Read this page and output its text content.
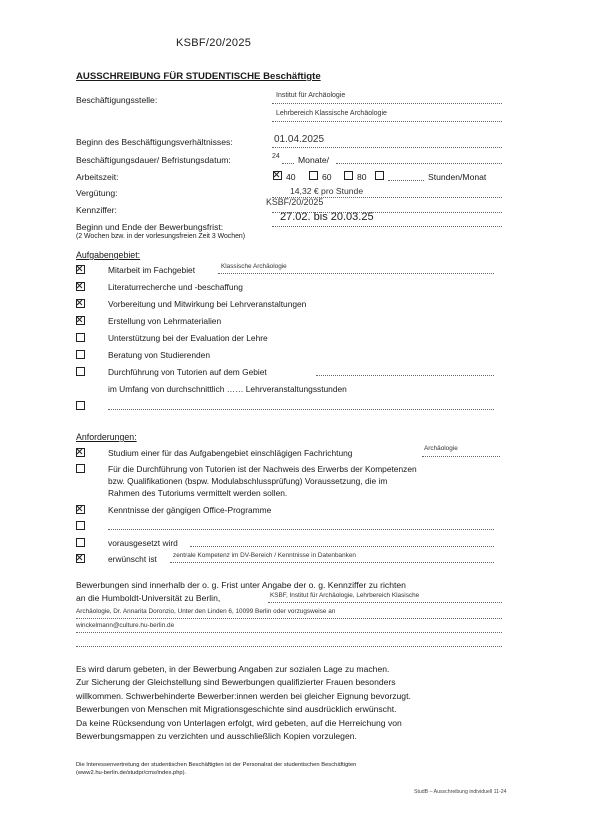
KSBF/20/2025
AUSSCHREIBUNG FÜR STUDENTISCHE Beschäftigte
Beschäftigungsstelle:	Institut für Archäologie
Lehrbereich Klassische Archäologie
Beginn des Beschäftigungsverhältnisses:	01.04.2025
Beschäftigungsdauer/ Befristungsdatum:	24 Monate/
Arbeitszeit:	40	60	80	Stunden/Monat
Vergütung:	14,32 € pro Stunde
Kennziffer:
KSBF/20/2025
Beginn und Ende der Bewerbungsfrist:
(2 Wochen bzw. in der vorlesungsfreien Zeit 3 Wochen)
27.02. bis 20.03.25
Aufgabengebiet:
Mitarbeit im Fachgebiet	Klassische Archäologie
Literaturrecherche und -beschaffung
Vorbereitung und Mitwirkung bei Lehrveranstaltungen
Erstellung von Lehrmaterialien
Unterstützung bei der Evaluation der Lehre
Beratung von Studierenden
Durchführung von Tutorien auf dem Gebiet
im Umfang von durchschnittlich …… Lehrveranstaltungsstunden
Anforderungen:
Studium einer für das Aufgabengebiet einschlägigen Fachrichtung	Archäologie
Für die Durchführung von Tutorien ist der Nachweis des Erwerbs der Kompetenzen
bzw. Qualifikationen (bspw. Modulabschlussprüfung) Voraussetzung, die im
Rahmen des Tutoriums vermittelt werden sollen.
Kenntnisse der gängigen Office-Programme
vorausgesetzt wird
erwünscht ist	zentrale Kompetenz im DV-Bereich / Kenntnisse in Datenbanken
Bewerbungen sind innerhalb der o. g. Frist unter Angabe der o. g. Kennziffer zu richten
an die Humboldt-Universität zu Berlin,	KSBF, Institut für Archäologie, Lehrbereich Klasische
Archäologie, Dr. Annarita Doronzio, Unter den Linden 6, 10099 Berlin oder vorzugsweise an
winckelmann@culture.hu-berlin.de
Es wird darum gebeten, in der Bewerbung Angaben zur sozialen Lage zu machen.
Zur Sicherung der Gleichstellung sind Bewerbungen qualifizierter Frauen besonders
willkommen. Schwerbehinderte Bewerber:innen werden bei gleicher Eignung bevorzugt.
Bewerbungen von Menschen mit Migrationsgeschichte sind ausdrücklich erwünscht.
Da keine Rücksendung von Unterlagen erfolgt, wird gebeten, auf die Herreichung von
Bewerbungsmappen zu verzichten und ausschließlich Kopien vorzulegen.
Die Interessenvertretung der studentischen Beschäftigten ist der Personalrat der studentischen Beschäftigten
(www2.hu-berlin.de/studpr/cms/index.php).
StudB – Ausschreibung individuell 11-24
